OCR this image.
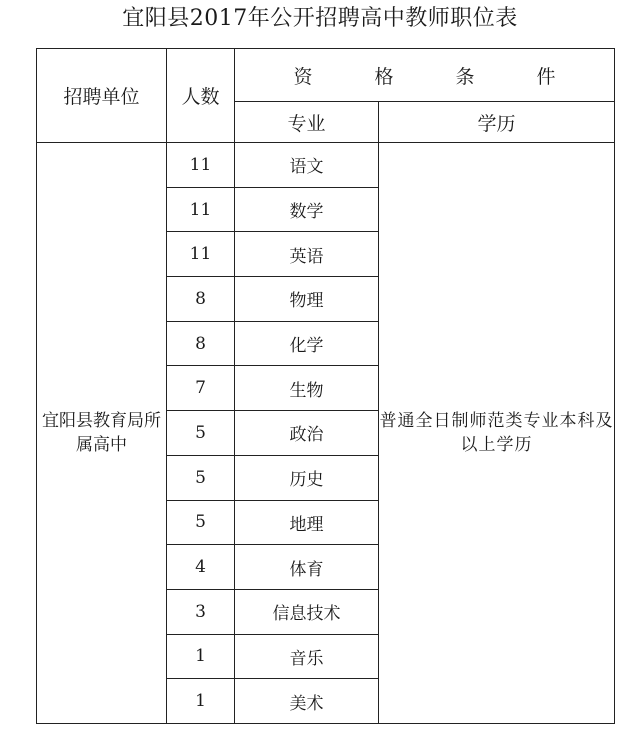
宜阳县2017年公开招聘高中教师职位表
招聘单位	人数	资 格 条 件	
		专业	学历
宜阳县教育局所属高中	11	语文	普通全日制师范类专业本科及以上学历
	11	数学	
	11	英语	
	8	物理	
	8	化学	
	7	生物	
	5	政治	
	5	历史	
	5	地理	
	4	体育	
	3	信息技术	
	1	音乐	
	1	美术	
